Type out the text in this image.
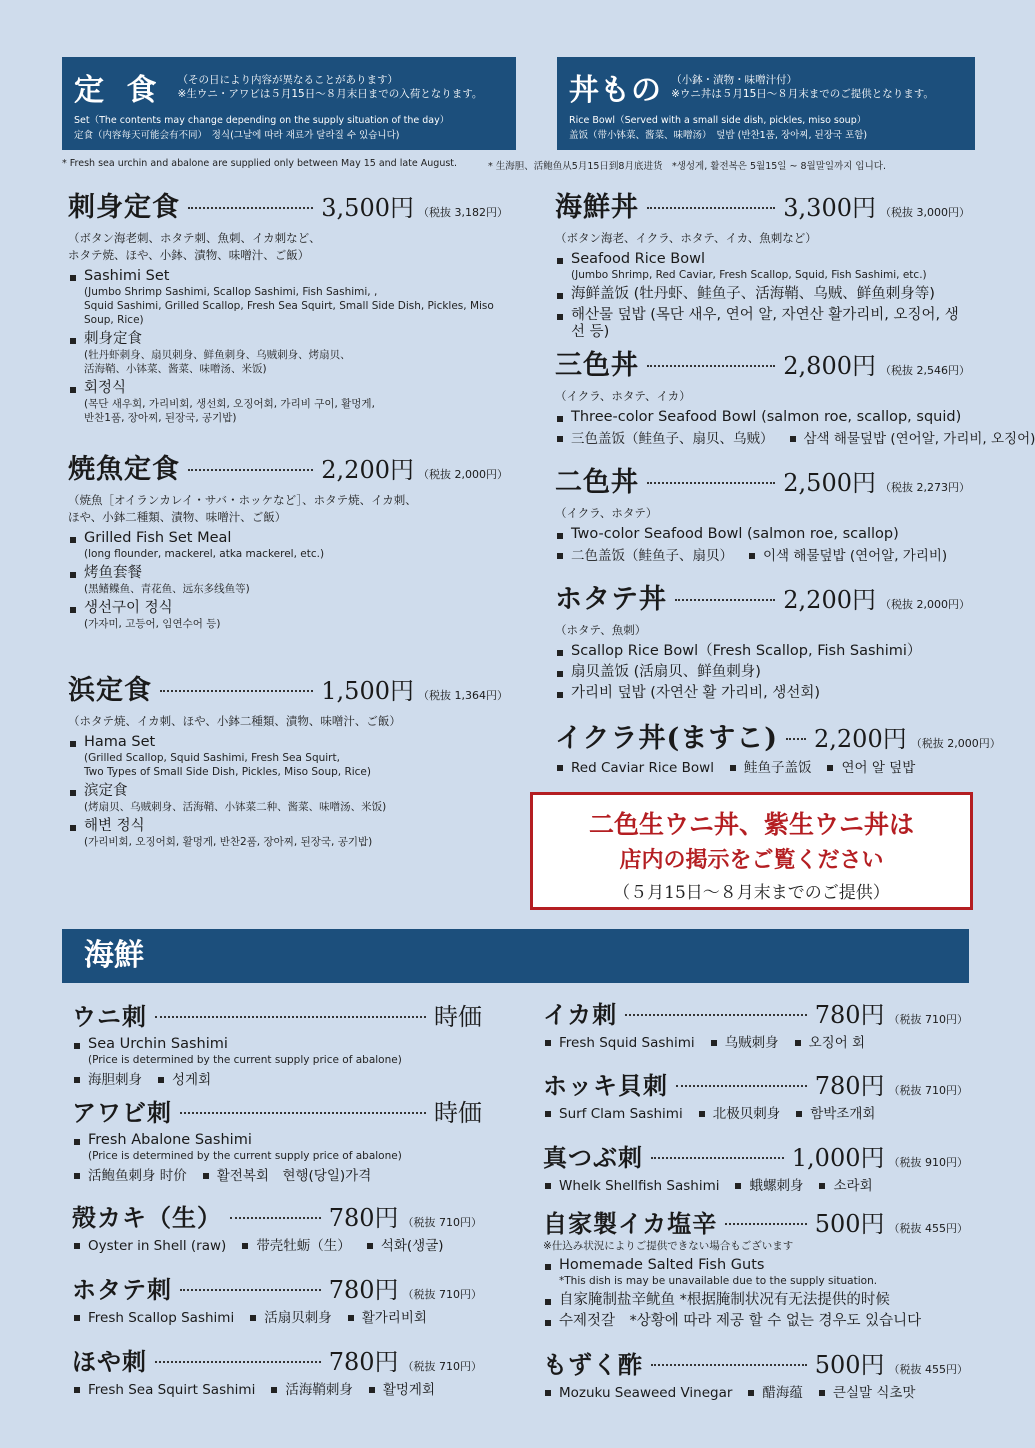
定 食 （その日により内容が異なることがあります）
※生ウニ・アワビは５月15日～８月末日までの入荷となります。
Set（The contents may change depending on the supply situation of the day）
定食（内容每天可能会有不同）　정식(그날에 따라 재료가 달라질 수 있습니다)
丼もの （小鉢・漬物・味噌汁付）
※ウニ丼は５月15日～８月末までのご提供となります。
Rice Bowl（Served with a small side dish, pickles, miso soup）
盖饭（带小钵菜、酱菜、味噌汤）　덮밥 (반찬1품, 장아찌, 된장국 포함)
* Fresh sea urchin and abalone are supplied only between May 15 and late August.	* 生海胆、活鲍鱼从5月15日到8月底进货　*생성게, 활전복은 5월15일 ~ 8월말일까지 입니다.
二色生ウニ丼、紫生ウニ丼は
店内の掲示をご覧ください
（５月15日～８月末までのご提供）
海鮮
刺身定食	3,500円 （税抜 3,182円）
（ボタン海老刺、ホタテ刺、魚刺、イカ刺など、
ホタテ焼、ほや、小鉢、漬物、味噌汁、ご飯）
Sashimi Set
(Jumbo Shrimp Sashimi, Scallop Sashimi, Fish Sashimi, ,
Squid Sashimi, Grilled Scallop, Fresh Sea Squirt, Small Side Dish, Pickles, Miso Soup, Rice)
刺身定食
(牡丹虾刺身、扇贝刺身、鲜鱼刺身、乌贼刺身、烤扇贝、
活海鞘、小钵菜、酱菜、味噌汤、米饭)
회정식
(목단 새우회, 가리비회, 생선회, 오징어회, 가리비 구이, 활멍게,
반찬1품, 장아찌, 된장국, 공기밥)
焼魚定食	2,200円 （税抜 2,000円）
（焼魚［オイランカレイ・サバ・ホッケなど］、ホタテ焼、イカ刺、
ほや、小鉢二種類、漬物、味噌汁、ご飯）
Grilled Fish Set Meal
(long flounder, mackerel, atka mackerel, etc.)
烤鱼套餐
(黑鳍鲽鱼、青花鱼、远东多线鱼等)
생선구이 정식
(가자미, 고등어, 임연수어 등)
浜定食	1,500円 （税抜 1,364円）
（ホタテ焼、イカ刺、ほや、小鉢二種類、漬物、味噌汁、ご飯）
Hama Set
(Grilled Scallop, Squid Sashimi, Fresh Sea Squirt,
Two Types of Small Side Dish, Pickles, Miso Soup, Rice)
滨定食
(烤扇贝、乌贼刺身、活海鞘、小钵菜二种、酱菜、味噌汤、米饭)
해변 정식
(가리비회, 오징어회, 활멍게, 반찬2품, 장아찌, 된장국, 공기밥)
海鮮丼	3,300円 （税抜 3,000円）
（ボタン海老、イクラ、ホタテ、イカ、魚刺など）
Seafood Rice Bowl
(Jumbo Shrimp, Red Caviar, Fresh Scallop, Squid, Fish Sashimi, etc.)
海鲜盖饭 (牡丹虾、鲑鱼子、活海鞘、乌贼、鲜鱼刺身等)
해산물 덮밥 (목단 새우, 연어 알, 자연산 활가리비, 오징어, 생선 등)
三色丼	2,800円 （税抜 2,546円）
（イクラ、ホタテ、イカ）
Three-color Seafood Bowl (salmon roe, scallop, squid)
三色盖饭（鲑鱼子、扇贝、乌贼）	삼색 해물덮밥 (연어알, 가리비, 오징어)
二色丼	2,500円 （税抜 2,273円）
（イクラ、ホタテ）
Two-color Seafood Bowl (salmon roe, scallop)
二色盖饭（鲑鱼子、扇贝）	이색 해물덮밥 (연어알, 가리비)
ホタテ丼	2,200円 （税抜 2,000円）
（ホタテ、魚刺）
Scallop Rice Bowl（Fresh Scallop, Fish Sashimi）
扇贝盖饭 (活扇贝、鲜鱼刺身)
가리비 덮밥 (자연산 활 가리비, 생선회)
イクラ丼(ますこ) 2,200円 （税抜 2,000円）
Red Caviar Rice Bowl	鲑鱼子盖饭	연어 알 덮밥
ウニ刺	時価
Sea Urchin Sashimi
(Price is determined by the current supply price of abalone)
海胆刺身	성게회
アワビ刺	時価
Fresh Abalone Sashimi
(Price is determined by the current supply price of abalone)
活鲍鱼刺身 时价	활전복회　현행(당일)가격
殻カキ（生）	780円 （税抜 710円）
Oyster in Shell (raw)	带壳牡蛎（生）	석화(생굴)
ホタテ刺	780円 （税抜 710円）
Fresh Scallop Sashimi	活扇贝刺身	활가리비회
ほや刺	780円 （税抜 710円）
Fresh Sea Squirt Sashimi	活海鞘刺身	활멍게회
イカ刺	780円 （税抜 710円）
Fresh Squid Sashimi	乌贼刺身	오징어 회
ホッキ貝刺	780円 （税抜 710円）
Surf Clam Sashimi	北极贝刺身	함박조개회
真つぶ刺	1,000円 （税抜 910円）
Whelk Shellfish Sashimi	蛾螺刺身	소라회
自家製イカ塩辛	500円 （税抜 455円）
※仕込み状況によりご提供できない場合もございます
Homemade Salted Fish Guts
*This dish is may be unavailable due to the supply situation.
自家腌制盐辛鱿鱼 *根据腌制状况有无法提供的时候
수제젓갈　*상황에 따라 제공 할 수 없는 경우도 있습니다
もずく酢	500円 （税抜 455円）
Mozuku Seaweed Vinegar	醋海蕴	큰실말 식초맛
